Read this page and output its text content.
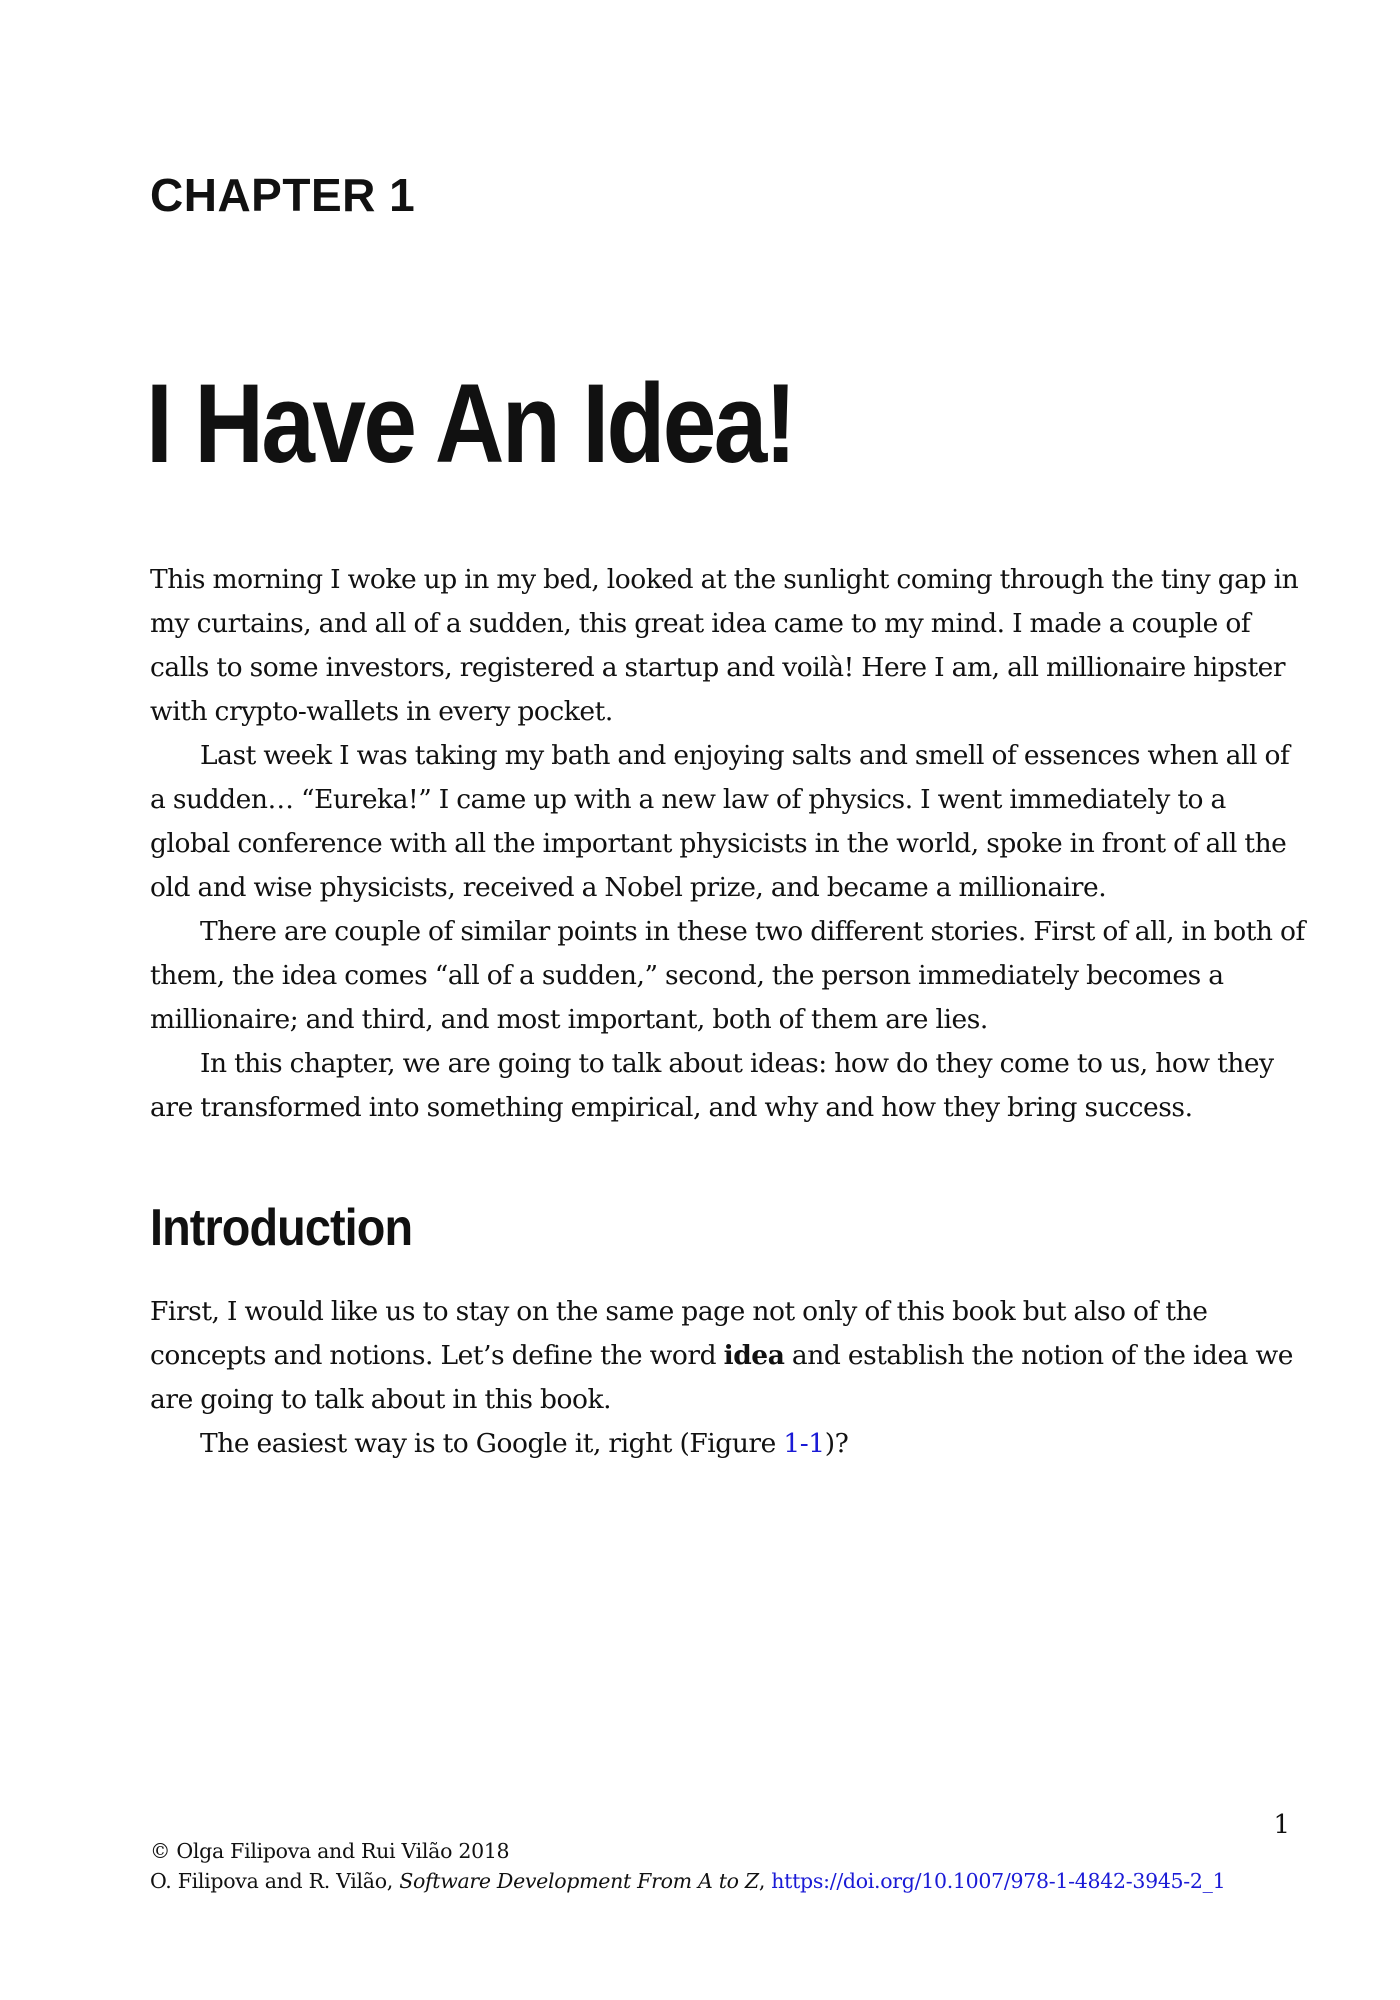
CHAPTER 1
I Have An Idea!

This morning I woke up in my bed, looked at the sunlight coming through the tiny gap in my curtains, and all of a sudden, this great idea came to my mind. I made a couple of calls to some investors, registered a startup and voilà! Here I am, all millionaire hipster with crypto-wallets in every pocket.

Last week I was taking my bath and enjoying salts and smell of essences when all of a sudden… “Eureka!” I came up with a new law of physics. I went immediately to a global conference with all the important physicists in the world, spoke in front of all the old and wise physicists, received a Nobel prize, and became a millionaire.

There are couple of similar points in these two different stories. First of all, in both of them, the idea comes “all of a sudden,” second, the person immediately becomes a millionaire; and third, and most important, both of them are lies.

In this chapter, we are going to talk about ideas: how do they come to us, how they are transformed into something empirical, and why and how they bring success.

Introduction

First, I would like us to stay on the same page not only of this book but also of the concepts and notions. Let’s define the word idea and establish the notion of the idea we are going to talk about in this book.

The easiest way is to Google it, right (Figure 1-1)?

1
© Olga Filipova and Rui Vilão 2018
O. Filipova and R. Vilão, Software Development From A to Z, https://doi.org/10.1007/978-1-4842-3945-2_1
